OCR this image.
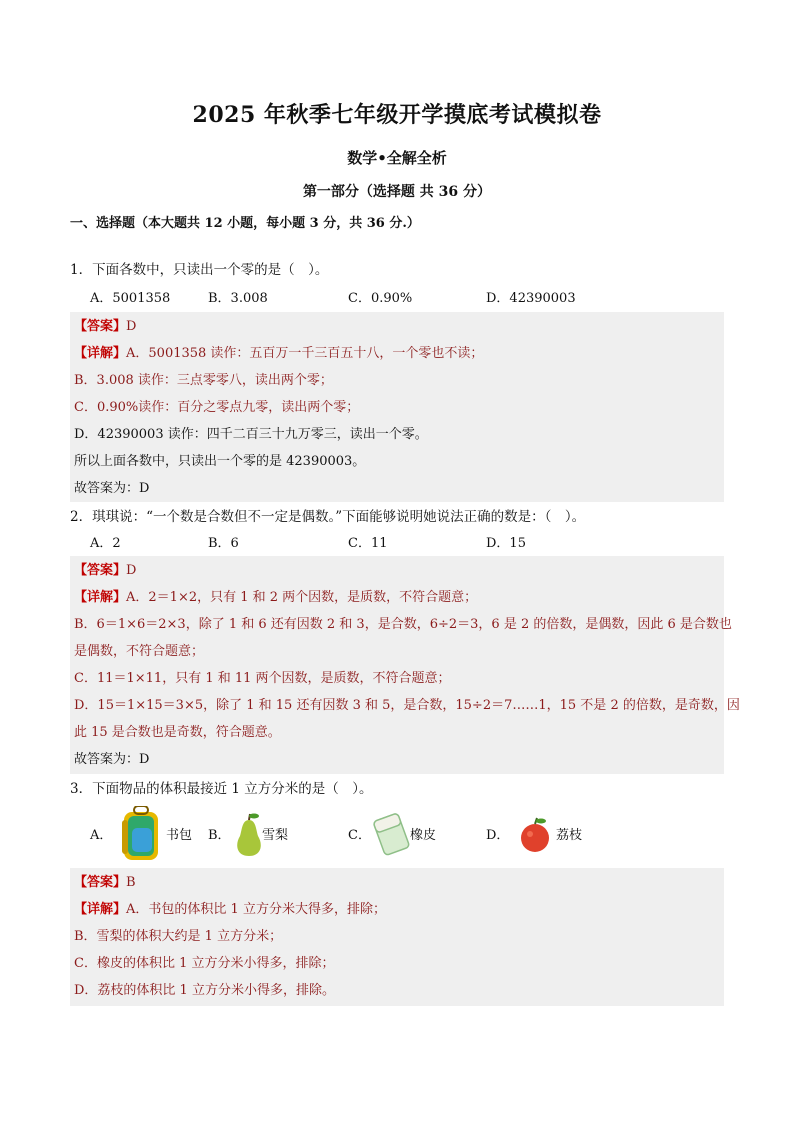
2025 年秋季七年级开学摸底考试模拟卷
数学•全解全析
第一部分（选择题 共 36 分）
一、选择题（本大题共 12 小题，每小题 3 分，共 36 分.）
1．下面各数中，只读出一个零的是（　）。
A．5001358	B．3.008	C．0.90%	D．42390003
【答案】D
【详解】A．5001358 读作：五百万一千三百五十八，一个零也不读；
B．3.008 读作：三点零零八，读出两个零；
C．0.90%读作：百分之零点九零，读出两个零；
D．42390003 读作：四千二百三十九万零三，读出一个零。
所以上面各数中，只读出一个零的是 42390003。
故答案为：D
2．琪琪说：“一个数是合数但不一定是偶数。”下面能够说明她说法正确的数是：（　）。
A．2	B．6	C．11	D．15
【答案】D
【详解】A．2＝1×2，只有 1 和 2 两个因数，是质数，不符合题意；
B．6＝1×6＝2×3，除了 1 和 6 还有因数 2 和 3，是合数，6÷2＝3，6 是 2 的倍数，是偶数，因此 6 是合数也
是偶数，不符合题意；
C．11＝1×11，只有 1 和 11 两个因数，是质数，不符合题意；
D．15＝1×15＝3×5，除了 1 和 15 还有因数 3 和 5，是合数，15÷2＝7……1，15 不是 2 的倍数，是奇数，因
此 15 是合数也是奇数，符合题意。
故答案为：D
3．下面物品的体积最接近 1 立方分米的是（　）。
A．	书包 B． 雪梨	C．	橡皮	D．	荔枝
【答案】B
【详解】A．书包的体积比 1 立方分米大得多，排除；
B．雪梨的体积大约是 1 立方分米；
C．橡皮的体积比 1 立方分米小得多，排除；
D．荔枝的体积比 1 立方分米小得多，排除。
